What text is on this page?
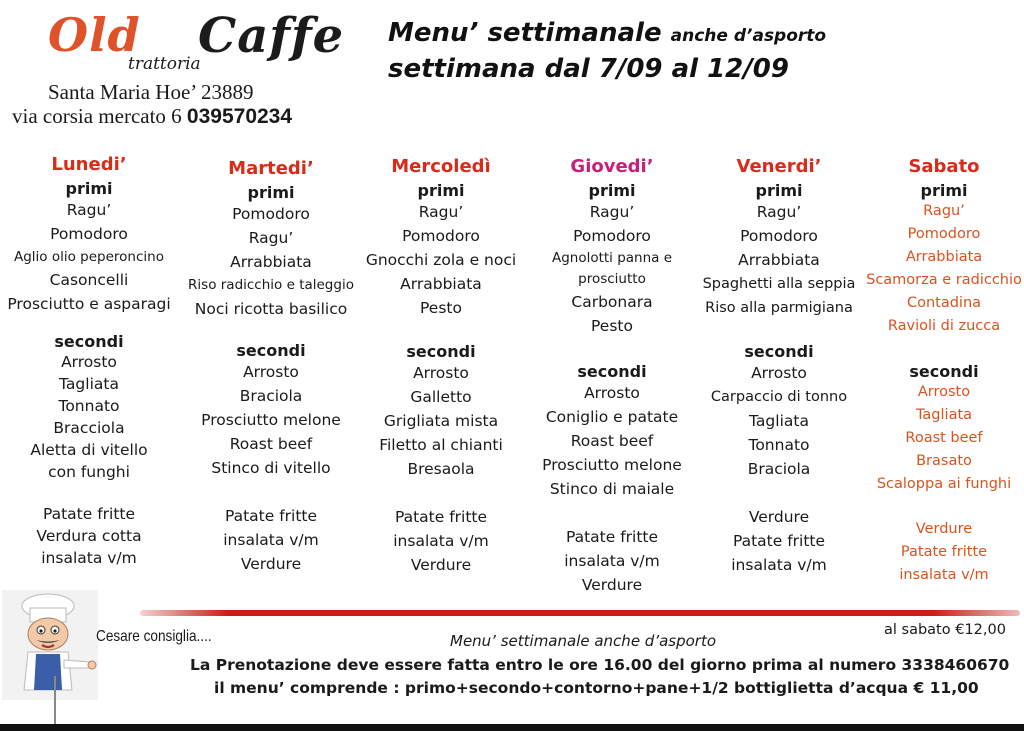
Old Caffe
trattoria
Santa Maria Hoe’ 23889
via corsia mercato 6 039570234
Menu’ settimanale anche d’asporto
settimana dal 7/09 al 12/09
Lunedi’
primi
Ragu’
Pomodoro
Aglio olio peperoncino
Casoncelli
Prosciutto e asparagi
secondi
Arrosto
Tagliata
Tonnato
Bracciola
Aletta di vitello
con funghi
Patate fritte
Verdura cotta
insalata v/m
Martedi’
primi
Pomodoro
Ragu’
Arrabbiata
Riso radicchio e taleggio
Noci ricotta basilico
secondi
Arrosto
Braciola
Prosciutto melone
Roast beef
Stinco di vitello
Patate fritte
insalata v/m
Verdure
Mercoledì
primi
Ragu’
Pomodoro
Gnocchi zola e noci
Arrabbiata
Pesto
secondi
Arrosto
Galletto
Grigliata mista
Filetto al chianti
Bresaola
Patate fritte
insalata v/m
Verdure
Giovedi’
primi
Ragu’
Pomodoro
Agnolotti panna e
prosciutto
Carbonara
Pesto
secondi
Arrosto
Coniglio e patate
Roast beef
Prosciutto melone
Stinco di maiale
Patate fritte
insalata v/m
Verdure
Venerdi’
primi
Ragu’
Pomodoro
Arrabbiata
Spaghetti alla seppia
Riso alla parmigiana
secondi
Arrosto
Carpaccio di tonno
Tagliata
Tonnato
Braciola
Verdure
Patate fritte
insalata v/m
Sabato
primi
Ragu’
Pomodoro
Arrabbiata
Scamorza e radicchio
Contadina
Ravioli di zucca
secondi
Arrosto
Tagliata
Roast beef
Brasato
Scaloppa ai funghi
Verdure
Patate fritte
insalata v/m
Cesare consiglia....	Menu’ settimanale anche d’asporto
al sabato €12,00
La Prenotazione deve essere fatta entro le ore 16.00 del giorno prima al numero 3338460670
il menu’ comprende : primo+secondo+contorno+pane+1/2 bottiglietta d’acqua € 11,00
